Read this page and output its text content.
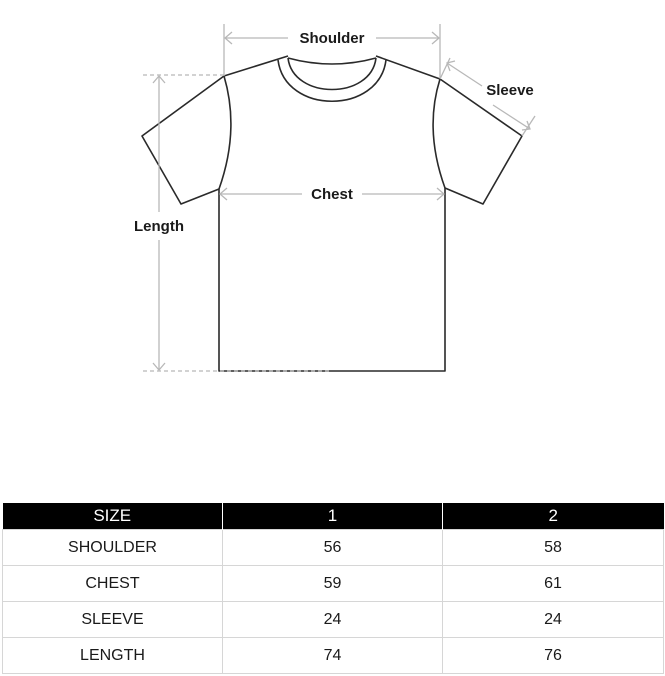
Shoulder
Sleeve
Chest
Length
SIZE	1	2
SHOULDER	56	58
CHEST	59	61
SLEEVE	24	24
LENGTH	74	76
